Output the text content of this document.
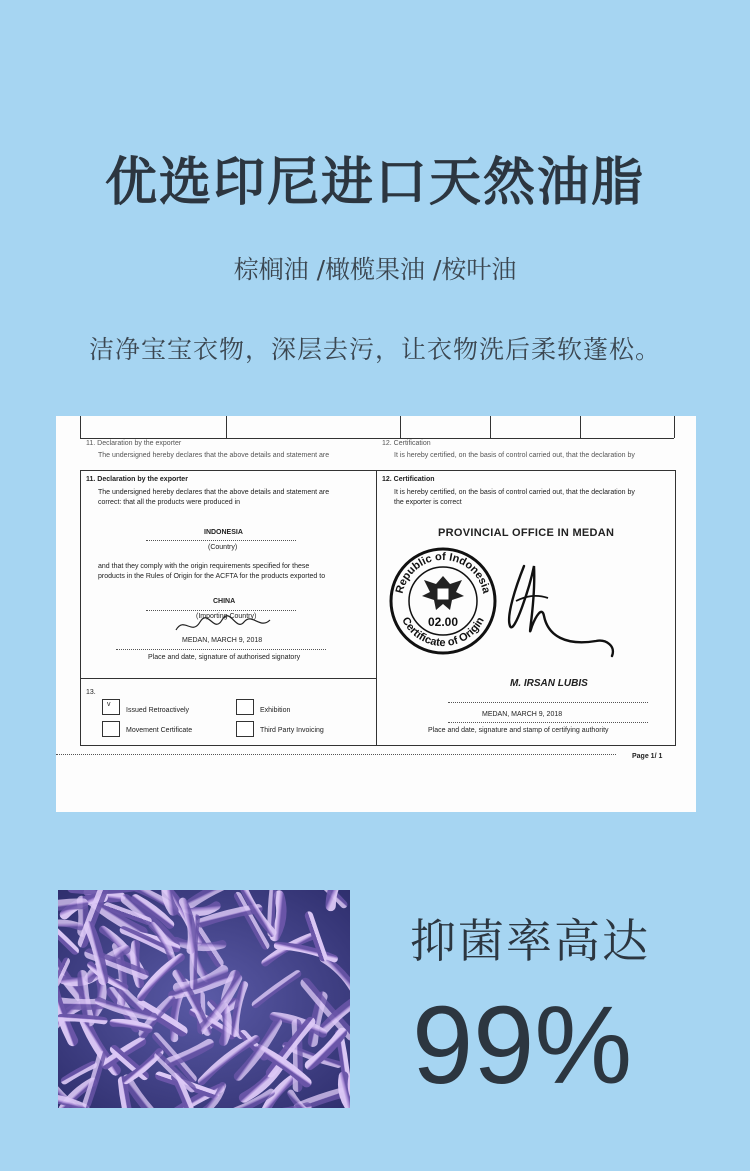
优选印尼进口天然油脂
棕榈油 /橄榄果油 /桉叶油
洁净宝宝衣物，深层去污，让衣物洗后柔软蓬松。
11. Declaration by the exporter
The undersigned hereby declares that the above details and statement are
12. Certification
It is hereby certified, on the basis of control carried out, that the declaration by
11. Declaration by the exporter
The undersigned hereby declares that the above details and statement are
correct: that all the products were produced in
INDONESIA
(Country)
and that they comply with the origin requirements specified for these
products in the Rules of Origin for the ACFTA for the products exported to
CHINA
(Importing Country)
MEDAN, MARCH 9, 2018
Place and date, signature of authorised signatory
13.
v
Issued Retroactively	Exhibition
Movement Certificate	Third Party Invoicing
12. Certification
It is hereby certified, on the basis of control carried out, that the declaration by
the exporter is correct
PROVINCIAL OFFICE IN MEDAN
Republic of Indonesia
Certificate of Origin
02.00
M. IRSAN LUBIS
MEDAN, MARCH 9, 2018
Place and date, signature and stamp of certifying authority
Page 1/ 1
抑菌率高达
99%
